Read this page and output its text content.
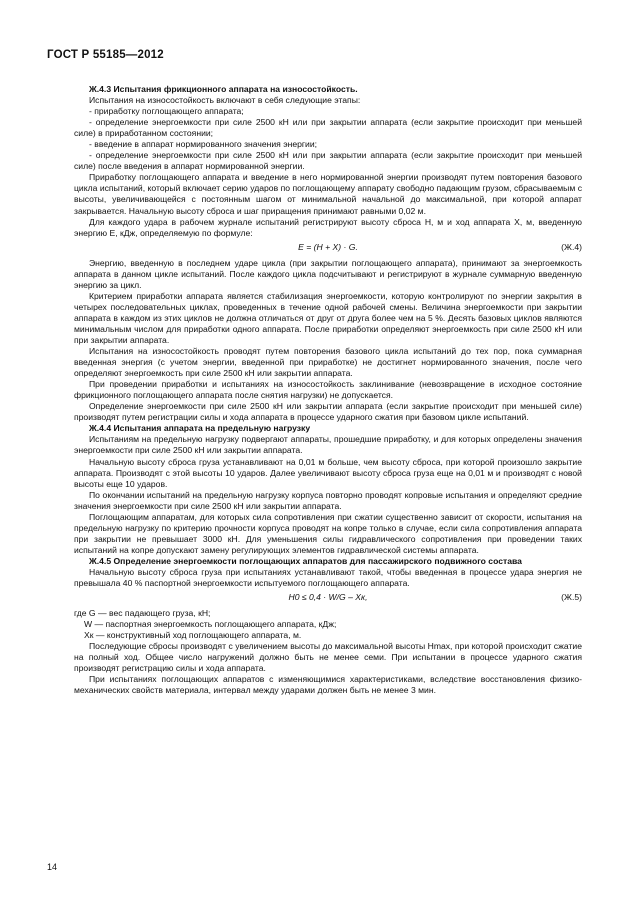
ГОСТ Р 55185—2012

Ж.4.3 Испытания фрикционного аппарата на износостойкость.

Испытания на износостойкость включают в себя следующие этапы:

- приработку поглощающего аппарата;

- определение энергоемкости при силе 2500 кН или при закрытии аппарата (если закрытие происходит при меньшей силе) в приработанном состоянии;

- введение в аппарат нормированного значения энергии;

- определение энергоемкости при силе 2500 кН или при закрытии аппарата (если закрытие происходит при меньшей силе) после введения в аппарат нормированной энергии.

Приработку поглощающего аппарата и введение в него нормированной энергии производят путем повторения базового цикла испытаний, который включает серию ударов по поглощающему аппарату свободно падающим грузом, сбрасываемым с высоты, увеличивающейся с постоянным шагом от минимальной начальной до максимальной, при которой аппарат закрывается. Начальную высоту сброса и шаг приращения принимают равными 0,02 м.

Для каждого удара в рабочем журнале испытаний регистрируют высоту сброса H, м и ход аппарата X, м, введенную энергию E, кДж, определяемую по формуле:

E = (H + X) · G.	(Ж.4)

Энергию, введенную в последнем ударе цикла (при закрытии поглощающего аппарата), принимают за энергоемкость аппарата в данном цикле испытаний. После каждого цикла подсчитывают и регистрируют в журнале суммарную введенную энергию за цикл.

Критерием приработки аппарата является стабилизация энергоемкости, которую контролируют по энергии закрытия в четырех последовательных циклах, проведенных в течение одной рабочей смены. Величина энергоемкости при закрытии аппарата в каждом из этих циклов не должна отличаться от друг от друга более чем на 5 %. Десять базовых циклов являются минимальным числом для приработки одного аппарата. После приработки определяют энергоемкость при силе 2500 кН или при закрытии аппарата.

Испытания на износостойкость проводят путем повторения базового цикла испытаний до тех пор, пока суммарная введенная энергия (с учетом энергии, введенной при приработке) не достигнет нормированного значения, после чего определяют энергоемкость при силе 2500 кН или закрытии аппарата.

При проведении приработки и испытаниях на износостойкость заклинивание (невозвращение в исходное состояние фрикционного поглощающего аппарата после снятия нагрузки) не допускается.

Определение энергоемкости при силе 2500 кН или закрытии аппарата (если закрытие происходит при меньшей силе) производят путем регистрации силы и хода аппарата в процессе ударного сжатия при базовом цикле испытаний.

Ж.4.4 Испытания аппарата на предельную нагрузку

Испытаниям на предельную нагрузку подвергают аппараты, прошедшие приработку, и для которых определены значения энергоемкости при силе 2500 кН или закрытии аппарата.

Начальную высоту сброса груза устанавливают на 0,01 м больше, чем высоту сброса, при которой произошло закрытие аппарата. Производят с этой высоты 10 ударов. Далее увеличивают высоту сброса груза еще на 0,01 м и производят с новой высоты еще 10 ударов.

По окончании испытаний на предельную нагрузку корпуса повторно проводят копровые испытания и определяют средние значения энергоемкости при силе 2500 кН или закрытии аппарата.

Поглощающим аппаратам, для которых сила сопротивления при сжатии существенно зависит от скорости, испытания на предельную нагрузку по критерию прочности корпуса проводят на копре только в случае, если сила сопротивления аппарата при закрытии не превышает 3000 кН. Для уменьшения силы гидравлического сопротивления при проведении таких испытаний на копре допускают замену регулирующих элементов гидравлической системы аппарата.

Ж.4.5 Определение энергоемкости поглощающих аппаратов для пассажирского подвижного состава

Начальную высоту сброса груза при испытаниях устанавливают такой, чтобы введенная в процессе удара энергия не превышала 40 % паспортной энергоемкости испытуемого поглощающего аппарата.

H0 ≤ 0,4 · W/G – Xк,	(Ж.5)

где G — вес падающего груза, кН;

W — паспортная энергоемкость поглощающего аппарата, кДж;

Xк — конструктивный ход поглощающего аппарата, м.

Последующие сбросы производят с увеличением высоты до максимальной высоты Hmax, при которой происходит сжатие на полный ход. Общее число нагружений должно быть не менее семи. При испытании в процессе ударного сжатия производят регистрацию силы и хода аппарата.

При испытаниях поглощающих аппаратов с изменяющимися характеристиками, вследствие восстановления физико-механических свойств материала, интервал между ударами должен быть не менее 3 мин.

14
